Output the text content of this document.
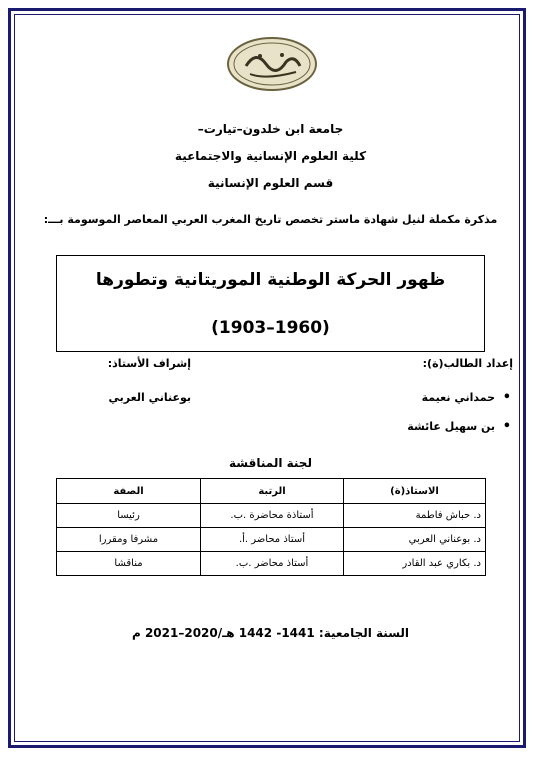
جامعة ابن خلدون–تيارت–
كلية العلوم الإنسانية والاجتماعية
قسم العلوم الإنسانية
مذكرة مكملة لنيل شهادة ماستر تخصص تاريخ المغرب العربي المعاصر الموسومة بـــ:
ظهور الحركة الوطنية الموريتانية وتطورها
(1903–1960)
إعداد الطالب(ة):
إشراف الأستاذ:
حمداني نعيمة •
بن سهيل عائشة •
بوعناني العربي
لجنة المناقشة
الاستاذ(ة)	الرتبة	الصفة
د. حباش فاطمة	أستاذة محاضرة .ب.	رئيسا
د. بوعناني العربي	أستاذ محاضر .أ.	مشرفا ومقررا
د. بكاري عبد القادر	أستاذ محاضر .ب.	مناقشا
السنة الجامعية: 1441- 1442 هـ/2020–2021 م
